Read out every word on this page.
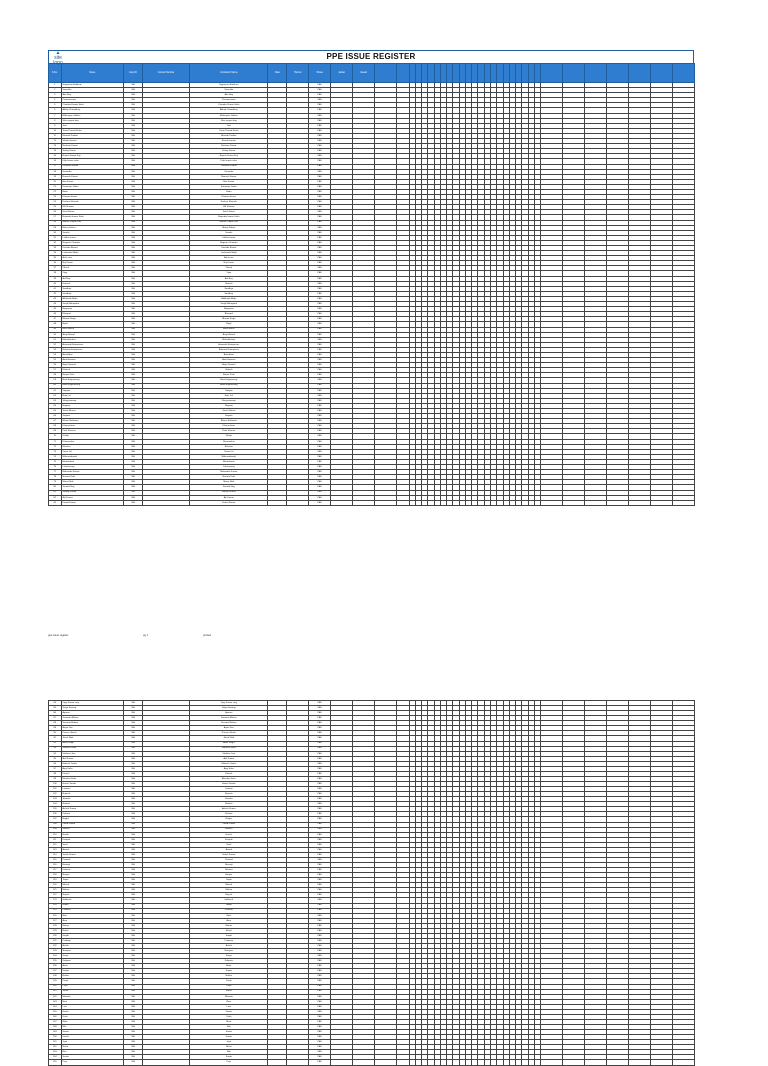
▲
site logo
PPE ISSUE REGISTER
S.No.	Name	Emp ID	Contact Number	Contractor Name	Date	Helmet	Shoes	Jacket	Issued																														
1	Nagarjuna Buildcon	NA		Nagarjuna Buildcon			PAD																																
2	Swastika	NA		Swastika			PAD																																
3	Atta Bag	NA		Atta Bag			PAD																																
4	Paramasivam	NA		Paramasivam			PAD																																
5	Chandra Kumar Sahu	NA		Chandra Kumar Sahu			PAD																																
6	Abhijit Chowdhury	NA		Abhijit Chowdhury			PAD																																
7	Mithunjam Jadhav	NA		Mithunjam Jadhav			PAD																																
8	Shiv naryan bag	NA		Shiv naryan bag			PAD																																
9	Jeet	NA		Jeet			PAD																																
10	Tarun Prasad Sinha	NA		Tarun Prasad Sinha			PAD																																
11	Bharath Padhar	NA		Bharath Padhar			PAD																																
12	Sheela kumari	NA		Sheela kumari			PAD																																
13	Rosham Kumar	NA		Rosham Kumar			PAD																																
14	Sahay Kumar	NA		Sahay Kumar			PAD																																
15	Rajesh Kumar Kuji	NA		Rajesh Kumar Kuji			PAD																																
16	Dilip kumar sahu	NA		Dilip kumar sahu			PAD																																
17	Dinanath Kumar	NA		Dinanath Kumar			PAD																																
18	Sunanda	NA		Sunanda			PAD																																
19	Ramesh Kumar	NA		Ramesh Kumar			PAD																																
20	Bira Kumar	NA		Bira Kumar			PAD																																
21	Kamaraju Jadav	NA		Kamaraju Jadav			PAD																																
22	Babu	NA		Babu			PAD																																
23	Dharma kumar	NA		Dharma kumar			PAD																																
24	Krishna Shenole	NA		Krishna Shenole			PAD																																
25	Hill Sharma	NA		Hill Sharma			PAD																																
26	Sunil Sahoo	NA		Sunil Sahoo			PAD																																
27	Rajendra kumar Sahu	NA		Rajendra kumar Sahu			PAD																																
28	Manas Prayan Das	NA		Manas Prayan Das			PAD																																
29	Manoj Sahoo	NA		Manoj Sahoo			PAD																																
30	Sarathi	NA		Sarathi			PAD																																
31	Lalitha kumar	NA		Lalitha kumar			PAD																																
32	Rajputra Chandra	NA		Rajputra Chandra			PAD																																
33	Kashiba Biswal	NA		Kashiba Biswal			PAD																																
34	Leelavathi Majhi	NA		Leelavathi Majhi			PAD																																
35	Ashu ram	NA		Ashu ram			PAD																																
36	Raj Kumar	NA		Raj Kumar			PAD																																
37	Vikash	NA		Vikash			PAD																																
38	Vijay	NA		Vijay			PAD																																
39	Arif Ray	NA		Arif Ray			PAD																																
40	Ganesh	NA		Ganesh			PAD																																
41	Sandhya	NA		Sandhya			PAD																																
42	Sandhay	NA		Sandhay			PAD																																
43	Akhilnath Majhi	NA		Akhilnath Majhi			PAD																																
44	Sanjit Mahapatra	NA		Sanjit Mahapatra			PAD																																
45	Bijaymam	NA		Bijaymam			PAD																																
46	Bhoopal	NA		Bhoopal			PAD																																
47	Bharati Singh	NA		Bharati Singh			PAD																																
48	Rigal	NA		Rigal			PAD																																
49	Basu Bilash	NA		Basu Bilash			PAD																																
50	Anup Biswal	NA		Anup Biswal			PAD																																
51	Mahalakshmi	NA		Mahalakshmi			PAD																																
52	Aswarath Enterprises	NA		Aswarath Enterprises			PAD																																
53	Balaram Enterprises	NA		Balaram Enterprises			PAD																																
54	Anirudhan	NA		Anirudhan			PAD																																
55	Amit Hirawan	NA		Amit Hirawan			PAD																																
56	Bapu Ganesh	NA		Bapu Ganesh			PAD																																
57	Ghitesh	NA		Ghitesh			PAD																																
58	Barjari Kishi	NA		Barjari Kishi			PAD																																
59	Ram Engineering	NA		Ram Engineering			PAD																																
60	Babu Engineering	NA		Babu Engineering			PAD																																
61	Vajayan	NA		Vajayan			PAD																																
62	Raju Lal	NA		Raju Lal			PAD																																
63	Shreyaswamy	NA		Shreyaswamy			PAD																																
64	Nagaraj	NA		Nagaraj			PAD																																
65	Jitesh Munna	NA		Jitesh Munna			PAD																																
66	Satyam	NA		Satyam			PAD																																
67	Bhanu Rathnam	NA		Bhanu Rathnam			PAD																																
68	Dhaneshwar	NA		Dhaneshwar			PAD																																
69	Pinki Sharma	NA		Pinki Sharma			PAD																																
70	Dhulip	NA		Dhulip			PAD																																
71	Dhanasekar	NA		Dhanasekar			PAD																																
72	Bhaskar	NA		Bhaskar			PAD																																
73	Varun Lal	NA		Varun Lal			PAD																																
74	Mithunathmath	NA		Mithunathmath			PAD																																
75	Bhumikanta	NA		Bhumikanta			PAD																																
76	Lalsamsang	NA		Lalsamsang			PAD																																
77	Mahendra Kumar	NA		Mahendra Kumar			PAD																																
78	Nasima Debi	NA		Nasima Debi			PAD																																
79	Manoj Naik	NA		Manoj Naik			PAD																																
80	Soumik Nag	NA		Soumik Nag			PAD																																
81	Sanjay Kumar	NA		Sanjay Kumar			PAD																																
82	Ajit Kumar	NA		Ajit Kumar			PAD																																
83	Kamal Kumar	NA		Kamal Kumar			PAD																																
ppe issue register	pg 1	printed
84	Vijay Kumar sing	NA		Vijay Kumar sing			PAD																																
85	Satya Swarup	NA		Satya Swarup			PAD																																
86	Aparna	NA		Aparna			PAD																																
87	Sumanta Mishra	NA		Sumanta Mishra			PAD																																
88	Susanta Behera	NA		Susanta Behera			PAD																																
89	Anjan Das	NA		Anjan Das			PAD																																
90	Prasun Ghosh	NA		Prasun Ghosh			PAD																																
91	Jitesh Naik	NA		Jitesh Naik			PAD																																
92	Amrit Singh	NA		Amrit Singh			PAD																																
93	Santosh Sahu	NA		Santosh Sahu			PAD																																
94	Shekhar Jain	NA		Shekhar Jain			PAD																																
95	Anil Kumar	NA		Anil Kumar			PAD																																
96	Mukesh Yadav	NA		Mukesh Yadav			PAD																																
97	Ajay Sahu	NA		Ajay Sahu			PAD																																
98	Dinesh	NA		Dinesh			PAD																																
99	Bhaskar Sahu	NA		Bhaskar Sahu			PAD																																
100	Harish Sunda	NA		Harish Sunda			PAD																																
101	Laxman	NA		Laxman			PAD																																
102	Rupesh	NA		Rupesh			PAD																																
103	Jitendra	NA		Jitendra			PAD																																
104	Rakesh	NA		Rakesh			PAD																																
105	Ashish Kumar	NA		Ashish Kumar			PAD																																
106	Kishore	NA		Kishore			PAD																																
107	Raghu	NA		Raghu			PAD																																
108	Vinod Kumar	NA		Vinod Kumar			PAD																																
109	Manish	NA		Manish			PAD																																
110	Harish	NA		Harish			PAD																																
111	Deepak	NA		Deepak			PAD																																
112	Sunil	NA		Sunil			PAD																																
113	Anand	NA		Anand			PAD																																
114	Satish Kumar	NA		Satish Kumar			PAD																																
115	Pramod	NA		Pramod			PAD																																
116	Biswajit	NA		Biswajit			PAD																																
117	Debasis	NA		Debasis			PAD																																
118	Ranjan	NA		Ranjan			PAD																																
119	Tapan	NA		Tapan			PAD																																
120	Bikash	NA		Bikash			PAD																																
121	Mohan	NA		Mohan			PAD																																
122	Rajesh	NA		Rajesh			PAD																																
123	Subhash	NA		Subhash			PAD																																
124	Gopal	NA		Gopal			PAD																																
125	Prakash	NA		Prakash			PAD																																
126	Nitin	NA		Nitin			PAD																																
127	Arun	NA		Arun			PAD																																
128	Manas	NA		Manas			PAD																																
129	Rahul	NA		Rahul			PAD																																
130	Sanjib	NA		Sanjib			PAD																																
131	Pradeep	NA		Pradeep			PAD																																
132	Ashok	NA		Ashok			PAD																																
133	Narayan	NA		Narayan			PAD																																
134	Surya	NA		Surya			PAD																																
135	Kalpana	NA		Kalpana			PAD																																
136	Anita	NA		Anita			PAD																																
137	Sujata	NA		Sujata			PAD																																
138	Rekha	NA		Rekha			PAD																																
139	Pooja	NA		Pooja			PAD																																
140	Priya	NA		Priya			PAD																																
141	Sarita	NA		Sarita			PAD																																
142	Mamata	NA		Mamata			PAD																																
143	Rina	NA		Rina			PAD																																
144	Lata	NA		Lata			PAD																																
145	Geeta	NA		Geeta			PAD																																
146	Usha	NA		Usha			PAD																																
147	Mina	NA		Mina			PAD																																
148	Nila	NA		Nila			PAD																																
149	Savita	NA		Savita			PAD																																
150	Kavita	NA		Kavita			PAD																																
151	Jyoti	NA		Jyoti			PAD																																
152	Nisha	NA		Nisha			PAD																																
153	Ritu	NA		Ritu			PAD																																
154	Sunita	NA		Sunita			PAD																																
155	Puja	NA		Puja			PAD																																
